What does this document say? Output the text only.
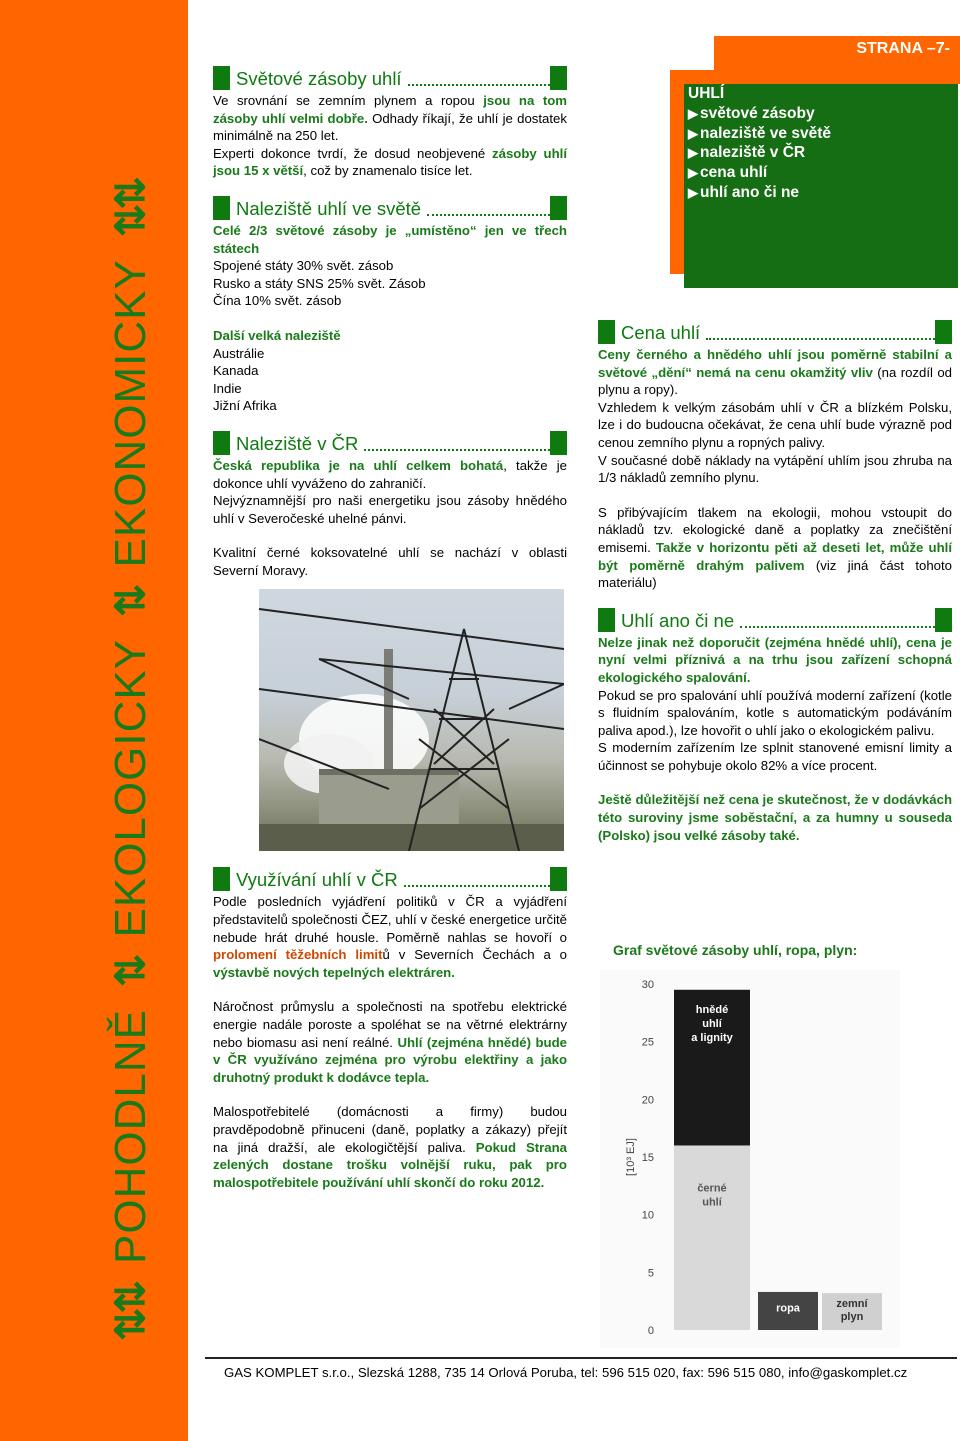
⇅⇅
POHODLNĚ
⇅
EKOLOGICKY
⇅
EKONOMICKY
⇅⇅
STRANA –7-
UHLÍ
▶ světové zásoby
▶ naleziště ve světě
▶ naleziště v ČR
▶ cena uhlí
▶ uhlí ano či ne
Světové zásoby uhlí

Ve srovnání se zemním plynem a ropou jsou na tom zásoby uhlí velmi dobře. Odhady říkají, že uhlí je dostatek minimálně na 250 let.

Experti dokonce tvrdí, že dosud neobjevené zásoby uhlí jsou 15 x větší, což by znamenalo tisíce let.

Naleziště uhlí ve světě

Celé 2/3 světové zásoby je „umístěno“ jen ve třech státech

Spojené státy 30% svět. zásob

Rusko a státy SNS 25% svět. Zásob

Čína 10% svět. zásob

Další velká naleziště

Austrálie

Kanada

Indie

Jižní Afrika

Naleziště v ČR

Česká republika je na uhlí celkem bohatá, takže je dokonce uhlí vyváženo do zahraničí.

Nejvýznamnější pro naši energetiku jsou zásoby hnědého uhlí v Severočeské uhelné pánvi.

Kvalitní černé koksovatelné uhlí se nachází v oblasti Severní Moravy.

Využívání uhlí v ČR

Podle posledních vyjádření politiků v ČR a vyjádření představitelů společnosti ČEZ, uhlí v české energetice určitě nebude hrát druhé housle. Poměrně nahlas se hovoří o prolomení těžebních limitů v Severních Čechách a o výstavbě nových tepelných elektráren.

Náročnost průmyslu a společnosti na spotřebu elektrické energie nadále poroste a spoléhat se na větrné elektrárny nebo biomasu asi není reálné. Uhlí (zejména hnědé) bude v ČR využíváno zejména pro výrobu elektřiny a jako druhotný produkt k dodávce tepla.

Malospotřebitelé (domácnosti a firmy) budou pravděpodobně přinuceni (daně, poplatky a zákazy) přejít na jiná dražší, ale ekologičtější paliva. Pokud Strana zelených dostane trošku volnější ruku, pak pro malospotřebitele používání uhlí skončí do roku 2012.

Cena uhlí

Ceny černého a hnědého uhlí jsou poměrně stabilní a světové „dění“ nemá na cenu okamžitý vliv (na rozdíl od plynu a ropy).

Vzhledem k velkým zásobám uhlí v ČR a blízkém Polsku, lze i do budoucna očekávat, že cena uhlí bude výrazně pod cenou zemního plynu a ropných palivy.

V současné době náklady na vytápění uhlím jsou zhruba na 1/3 nákladů zemního plynu.

S přibývajícím tlakem na ekologii, mohou vstoupit do nákladů tzv. ekologické daně a poplatky za znečištění emisemi. Takže v horizontu pěti až deseti let, může uhlí být poměrně drahým palivem (viz jiná část tohoto materiálu)

Uhlí ano či ne

Nelze jinak než doporučit (zejména hnědé uhlí), cena je nyní velmi příznivá a na trhu jsou zařízení schopná ekologického spalování.

Pokud se pro spalování uhlí používá moderní zařízení (kotle s fluidním spalováním, kotle s automatickým podáváním paliva apod.), lze hovořit o uhlí jako o ekologickém palivu.

S moderním zařízením lze splnit stanovené emisní limity a účinnost se pohybuje okolo 82% a více procent.

Ještě důležitější než cena je skutečnost, že v dodávkách této suroviny jsme soběstační, a za humny u souseda (Polsko) jsou velké zásoby také.

Graf světové zásoby uhlí, ropa, plyn:
0
5
10
15
20
25
30
[10³ EJ]
hnědé
uhlí
a lignity
černé
uhlí
ropa	zemní
plyn
GAS KOMPLET s.r.o., Slezská 1288, 735 14 Orlová Poruba, tel: 596 515 020, fax: 596 515 080, info@gaskomplet.cz
